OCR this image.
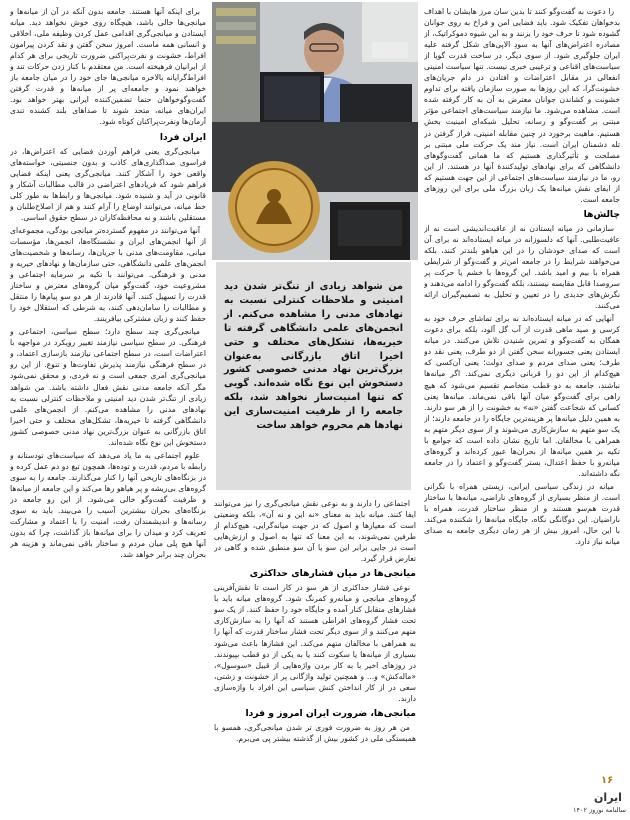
من شواهد زیادی از تنگ‌تر شدن دید امنیتی و ملاحظات کنترلی نسبت به نهادهای مدنی را مشاهده می‌کنم. از انجمن‌های علمی دانشگاهی گرفته تا خیریه‌ها، تشکل‌های مختلف و حتی اخیرا اتاق بازرگانی به‌عنوان بزرگ‌ترین نهاد مدنی خصوصی کشور دستخوش این نوع نگاه شده‌اند. گویی که تنها امنیت‌ساز نخواهد شد، بلکه جامعه را از ظرفیت امنیت‌سازی این نهادها هم محروم خواهد ساخت

را دعوت به گفت‌وگو کنند تا بدین سان مرز هایشان با اهداف بدخواهان تفکیک شود. باید فضایی امن و فراخ به روی جوانان گشوده شود تا حرف خود را بزنند و به این شیوه دموکراتیک، از مصادره اعتراض‌های آنها به سودِ الاپی‌های شکل گرفته علیه ایران جلوگیری شود. از سوی دیگر، در ساخت قدرت گویا از سیاست‌های اقناعی و ترغیبی خبری نیست. تنها سیاست امنیتی انفعالی در مقابل اعتراضات و افتادن در دام جریان‌های خشونت‌گرا، که این روزها به صورت سازمان یافته برای تداوم خشونت و کشاندن جوانان معترض به آن به کار گرفته شده است. مشاهده می‌شود. ما نیازمند سیاست‌های اجتماعی مؤثر مبتنی بر گفت‌وگو و رسانه، تحلیل شبکه‌ای امینیت بخش هستیم. ماهیت برخورد در چنین مقابله امنیتی، فراز گرفتن در تله دشمنان ایران است. نیاز مند یک حرکت ملی مبتنی بر مصلحت و تأثیرگذاری هستیم که ما همانی گفت‌وگوهای دانشگاهی که برای نهادهای تولیدکنندهٔ آنها در هستند. از این رو، ما در نیازمند سیاست‌های اجتماعی از این جهت هستیم که از ایفای نقش میانه‌ها یک زبان بزرگ ملی برای این روزهای جامعه است.

چالش‌ها

سازمانی در میانه ایستادن نه از عاقبت‌اندیشی است نه از عافیت‌طلبی. آنها که دلسوزانه در میانه ایستاده‌اند نه برای آن است که صدای خودشان را در این هیاهو بلندتر کنند، بلکه می‌خواهند شرایط را در جامعه امن‌تر و گفت‌وگو از شرایطی همراه با بیم و امید باشد. این گروه‌ها با خشم یا حرکت پر سروصدا قابل مقایسه نیستند، بلکه گفت‌وگو را ادامه می‌دهند و نگرش‌های جدیدی را در تعیین و تحلیل به تصمیم‌گیران ارائه می‌کنند.

آنهایی که در میانه ایستاده‌اند نه برای تماشای حرف خود به کرسی و صید ماهی قدرت از آب گل آلود، بلکه برای دعوت همگان به گفت‌وگو و تمرین شنیدن تلاش می‌کنند. در میانه ایستادن یعنی جسورانه سخن گفتن از دو طرف، یعنی نقد دو طرف؛ یعنی صدای مردم و صدای دولت؛ یعنی آن‌کسی که هیچ‌کدام از این دو را قربانی دیگری نمی‌کند. اگر میانه‌ها نباشند، جامعه به دو قطب متخاصم تقسیم می‌شود که هیچ راهی برای گفت‌وگو میان آنها باقی نمی‌ماند. میانه‌ها یعنی کسانی که شجاعت گفتن «نه» به خشونت را از هر سو دارند. به همین دلیل میانه‌ها پر هزینه‌ترین جایگاه را در جامعه دارند؛ از یک سو متهم به سازش‌کاری می‌شوند و از سوی دیگر متهم به همراهی با مخالفان. اما تاریخ نشان داده است که جوامع با تکیه بر همین میانه‌ها از بحران‌ها عبور کرده‌اند و گروه‌های میانه‌رو با حفظ اعتدال، بستر گفت‌وگو و اعتماد را در جامعه نگه داشته‌اند.

میانه در زندگی سیاسی ایرانی، زیستی همراه با نگرانی است. از منظر بسیاری از گروه‌های ناراضی، میانه‌ها با ساختار قدرت هم‌سو هستند و از منظر ساختار قدرت، همراه با ناراضیان. این دوگانگی نگاه، جایگاه میانه‌ها را شکننده می‌کند. با این حال، امروز بیش از هر زمان دیگری جامعه به صدای میانه نیاز دارد.

اجتماعی را دارند و به نوعی نقش میانجی‌گری را نیز می‌توانند ایفا کنند. میانه باید به معنای «نه این و نه آن»، بلکه وضعیتی است که معیارها و اصول که در جهت میانه‌گرایی، هیچ‌کدام از طرفین نمی‌شوند، به این معنا که تنها به اصول و ارزش‌هایی است در جایی برابر این سو یا آن سو منطبق شده و گاهی در تعارض قرار گیرد.

میانجی‌ها در میان فشارهای حداکثری

نوعی فشار حداکثری از هر سو در کار است تا نقش‌آفرینی گروه‌های میانجی و میانه‌رو کمرنگ شود. گروه‌های میانه باید با فشارهای متقابل کنار آمده و جایگاه خود را حفظ کنند. از یک سو تحت فشار گروه‌های افراطی هستند که آنها را به سازش‌کاری متهم می‌کنند و از سوی دیگر تحت فشار ساختار قدرت که آنها را به همراهی با مخالفان متهم می‌کند. این فشارها باعث می‌شود بسیاری از میانه‌ها یا سکوت کنند یا به یکی از دو قطب بپیوندند. در روزهای اخیر با به کار بردن واژه‌هایی از قبیل «سوسول»، «ماله‌کش» و... و همچنین تولید واژگانی پر از خشونت و زشتی، سعی در از کار انداختن کنش سیاسی این افراد با واژه‌سازی دارند.

میانجی‌ها، ضرورت ایران امروز و فردا

من هر روز به ضرورت فوری تر شدن میانجی‌گری، همسو با همبستگی ملی در کشور بیش از گذشته بیشتر پی می‌برم.

برای اینکه آنها هستند. جامعه بدون آنکه در آن از میانه‌ها و میانجی‌ها خالی باشد، هیچگاه روی خوش نخواهد دید. میانه ایستادن و میانجی‌گری اقدامی عمل کردن وظیفه ملی، اخلاقی و انسانی همه ماست. امروز سخن گفتن و نقد کردن پیرامون افراط، خشونت و نفرت‌پراکنی ضرورت تاریخی برای هر کدام از ایرانیان فرهیخته است. من معتقدم با کنار زدن حرکات تند و افراط‌گرایانه بالاخره میانجی‌ها جای خود را در میان جامعه باز خواهند نمود و جامعه‌ای پر از میانه‌ها و قدرت گرفتن گفت‌وگوخواهان حتما تضمین‌کننده ایرانی بهتر خواهد بود. ایران‌های میانه، متحد شوند تا صداهای بلند کشنده تندی آرمان‌ها ونفرت‌پراکنان کوتاه شود.

ایران فردا

میانجی‌گری یعنی فراهم آوردن فضایی که اعتراض‌ها، در فراسوی صداگذاری‌های کاذب و بدون جنسیتی، خواسته‌های واقعی خود را آشکار کنند. میانجی‌گری یعنی اینکه فضایی فراهم شود که فریادهای اعتراضی در قالب مطالبات آشکار و قانونی در آید و شنیده شود. میانجی‌ها و رابط‌ها به طور کلی خط میانه، می‌توانند اوضاع را آرام کنند و هم از اصلاح‌طلبان و مستقلین باشند و نه محافظه‌کاران در سطح حقوق اساسی.

آنها می‌توانند در مفهوم گسترده‌تر میانجی بودگی، مجموعه‌ای از آنها انجمن‌های ایران و نشستگاه‌ها، انجمن‌ها، مؤسسات میانی، مقاومت‌های مدنی با جریان‌ها، رسانه‌ها و شخصیت‌های انجمن‌های علمی دانشگاهی، حتی سازمان‌ها و نهادهای خیریه و مدنی و فرهنگی. می‌توانند با تکیه بر سرمایه اجتماعی و مشروعیت خود، گفت‌وگو میان گروه‌های معترض و ساختار قدرت را تسهیل کنند. آنها قادرند از هر دو سو پیام‌ها را منتقل و مطالبات را سامان‌دهی کنند، به شرطی که استقلال خود را حفظ کنند و زبان مشترکی بیافرینند.

میانجی‌گری چند سطح دارد؛ سطح سیاسی، اجتماعی و فرهنگی. در سطح سیاسی نیازمند تغییر رویکرد در مواجهه با اعتراضات است، در سطح اجتماعی نیازمند بازسازی اعتماد، و در سطح فرهنگی نیازمند پذیرش تفاوت‌ها و تنوع. از این رو میانجی‌گری امری جمعی است و نه فردی، و محقق نمی‌شود مگر آنکه جامعه مدنی نقش فعال داشته باشد. من شواهد زیادی از تنگ‌تر شدن دید امنیتی و ملاحظات کنترلی نسبت به نهادهای مدنی را مشاهده می‌کنم. از انجمن‌های علمی دانشگاهی گرفته تا خیریه‌ها، تشکل‌های مختلف و حتی اخیرا اتاق بازرگانی به عنوان بزرگ‌ترین نهاد مدنی خصوصی کشور دستخوش این نوع نگاه شده‌اند.

علوم اجتماعی به ما یاد می‌دهد که سیاست‌های تودستانه و رابطه با مردم، قدرت و توده‌ها، همچون تیغ دو دم عمل کرده و در بزنگاه‌های تاریخی آنها را کنار می‌گذارند. جامعه را به سوی گروه‌های بی‌ریشه و پر هیاهو رها می‌کند و این جامعه از میانه‌ها و ظرفیت گفت‌وگو خالی می‌شود. از این رو جامعه در بزنگاه‌های بحران بیشترین آسیب را می‌بیند. باید به سوی رسانه‌ها و اندیشمندان رفت، امنیت را با اعتماد و مشارکت تعریف کرد و میدان را برای میانه‌ها باز گذاشت، چرا که بدون آنها هیچ پلی میان مردم و ساختار باقی نمی‌ماند و هزینه هر بحران چند برابر خواهد شد.

۱۶
ایران
سالنامه نوروز ۱۴۰۲
